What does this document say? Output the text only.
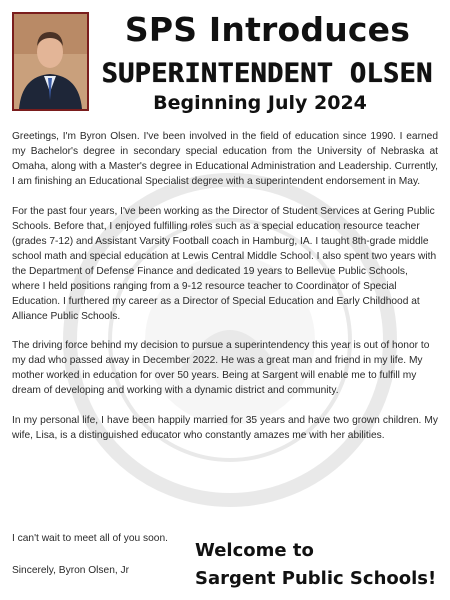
SPS Introduces
SUPERINTENDENT OLSEN
Beginning July 2024

Greetings, I'm Byron Olsen. I've been involved in the field of education since 1990. I earned my Bachelor's degree in secondary special education from the University of Nebraska at Omaha, along with a Master's degree in Educational Administration and Leadership. Currently, I am finishing an Educational Specialist degree with a superintendent endorsement in May.

For the past four years, I've been working as the Director of Student Services at Gering Public Schools. Before that, I enjoyed fulfilling roles such as a special education resource teacher (grades 7-12) and Assistant Varsity Football coach in Hamburg, IA. I taught 8th-grade middle school math and special education at Lewis Central Middle School. I also spent two years with the Department of Defense Finance and dedicated 19 years to Bellevue Public Schools, where I held positions ranging from a 9-12 resource teacher to Coordinator of Special Education. I furthered my career as a Director of Special Education and Early Childhood at Alliance Public Schools.

The driving force behind my decision to pursue a superintendency this year is out of honor to my dad who passed away in December 2022. He was a great man and friend in my life. My mother worked in education for over 50 years. Being at Sargent will enable me to fulfill my dream of developing and working with a dynamic district and community.

In my personal life, I have been happily married for 35 years and have two grown children. My wife, Lisa, is a distinguished educator who constantly amazes me with her abilities.

I can't wait to meet all of you soon.
Sincerely, Byron Olsen, Jr
Welcome to
Sargent Public Schools!
